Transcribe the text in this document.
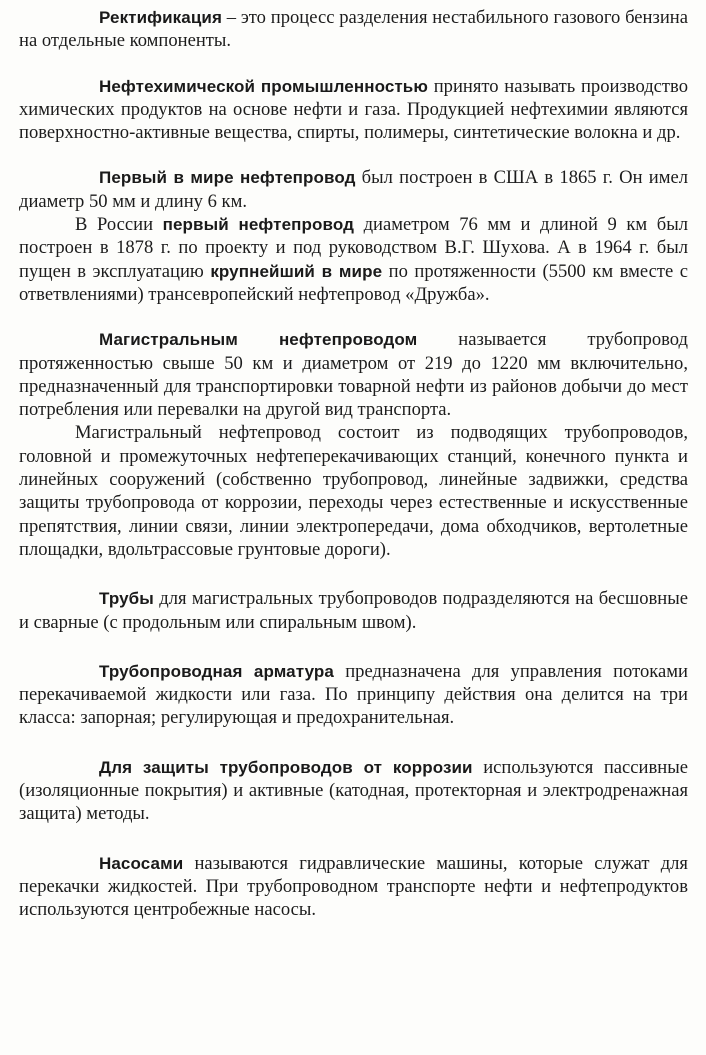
Ректификация – это процесс разделения нестабильного газового бензина на отдельные компоненты.

Нефтехимической промышленностью принято называть производство химических продуктов на основе нефти и газа. Продукцией нефтехимии являются поверхностно-активные вещества, спирты, полимеры, синтетические волокна и др.

Первый в мире нефтепровод был построен в США в 1865 г. Он имел диаметр 50 мм и длину 6 км.

В России первый нефтепровод диаметром 76 мм и длиной 9 км был построен в 1878 г. по проекту и под руководством В.Г. Шухова. А в 1964 г. был пущен в эксплуатацию крупнейший в мире по протяженности (5500 км вместе с ответвлениями) трансевропейский нефтепровод «Дружба».

Магистральным нефтепроводом называется трубопровод протяженностью свыше 50 км и диаметром от 219 до 1220 мм включительно, предназначенный для транспортировки товарной нефти из районов добычи до мест потребления или перевалки на другой вид транспорта.

Магистральный нефтепровод состоит из подводящих трубопроводов, головной и промежуточных нефтеперекачивающих станций, конечного пункта и линейных сооружений (собственно трубопровод, линейные задвижки, средства защиты трубопровода от коррозии, переходы через естественные и искусственные препятствия, линии связи, линии электропередачи, дома обходчиков, вертолетные площадки, вдольтрассовые грунтовые дороги).

Трубы для магистральных трубопроводов подразделяются на бесшовные и сварные (с продольным или спиральным швом).

Трубопроводная арматура предназначена для управления потоками перекачиваемой жидкости или газа. По принципу действия она делится на три класса: запорная; регулирующая и предохранительная.

Для защиты трубопроводов от коррозии используются пассивные (изоляционные покрытия) и активные (катодная, протекторная и электродренажная защита) методы.

Насосами называются гидравлические машины, которые служат для перекачки жидкостей. При трубопроводном транспорте нефти и нефтепродуктов используются центробежные насосы.
